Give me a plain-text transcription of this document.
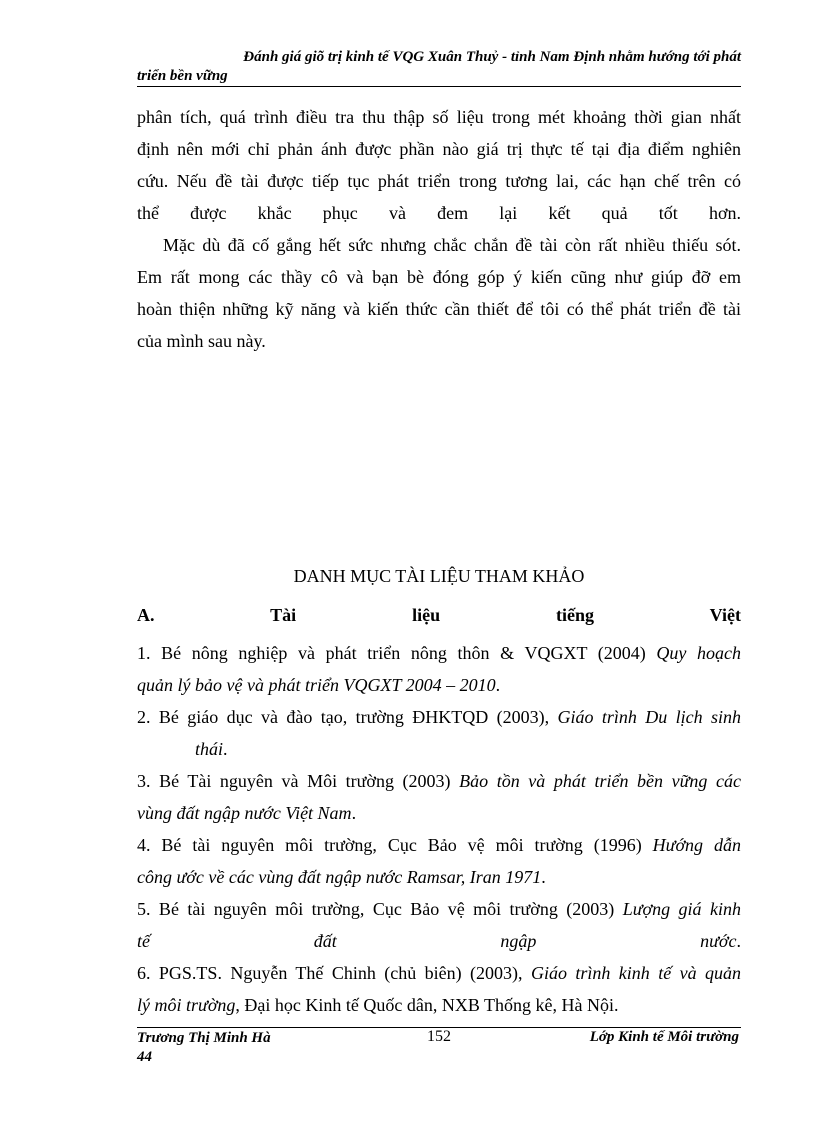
Đánh giá giõ trị kinh tế VQG Xuân Thuỷ - tỉnh Nam Định nhằm hướng tới phát
triển bền vững

phân tích, quá trình điều tra thu thập số liệu trong mét khoảng thời gian nhất
định nên mới chỉ phản ánh được phần nào giá trị thực tế tại địa điểm nghiên
cứu. Nếu đề tài được tiếp tục phát triển trong tương lai, các hạn chế trên có
thể được khắc phục và đem lại kết quả tốt hơn.

Mặc dù đã cố gắng hết sức nhưng chắc chắn đề tài còn rất nhiều thiếu sót.
Em rất mong các thầy cô và bạn bè đóng góp ý kiến cũng như giúp đỡ em
hoàn thiện những kỹ năng và kiến thức cần thiết để tôi có thể phát triển đề tài
của mình sau này.

DANH MỤC TÀI LIỆU THAM KHẢO
A. Tài liệu tiếng Việt
1. Bé nông nghiệp và phát triển nông thôn & VQGXT (2004) Quy hoạch
quản lý bảo vệ và phát triển VQGXT 2004 – 2010.
2. Bé giáo dục và đào tạo, trường ĐHKTQD (2003), Giáo trình Du lịch sinh
thái.
3. Bé Tài nguyên và Môi trường (2003) Bảo tồn và phát triển bền vững các
vùng đất ngập nước Việt Nam.
4. Bé tài nguyên môi trường, Cục Bảo vệ môi trường (1996) Hướng dẫn
công ước về các vùng đất ngập nước Ramsar, Iran 1971.
5. Bé tài nguyên môi trường, Cục Bảo vệ môi trường (2003) Lượng giá kinh
tế đất ngập nước.
6. PGS.TS. Nguyễn Thế Chinh (chủ biên) (2003), Giáo trình kinh tế và quản
lý môi trường, Đại học Kinh tế Quốc dân, NXB Thống kê, Hà Nội.
Trương Thị Minh Hà
44
152	Lớp Kinh tế Môi trường
